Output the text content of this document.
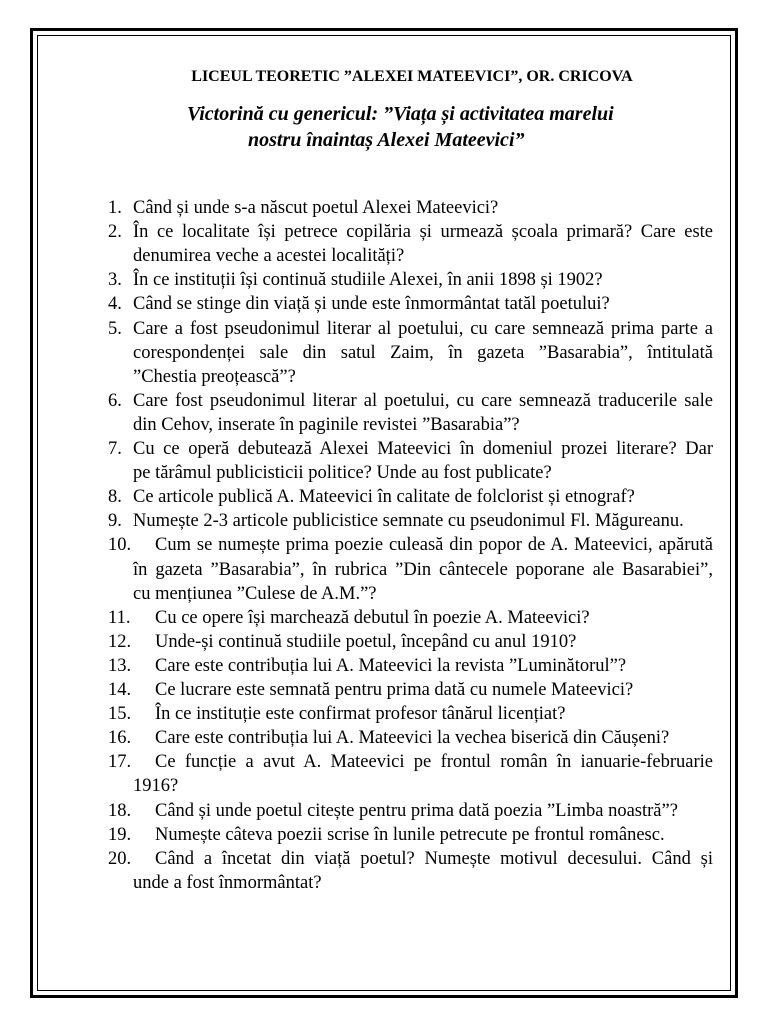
LICEUL TEORETIC ”ALEXEI MATEEVICI”, OR. CRICOVA
Victorină cu genericul: ”Viața și activitatea marelui
nostru înaintaș Alexei Mateevici”
1. Când și unde s-a născut poetul Alexei Mateevici?
2. În ce localitate își petrece copilăria și urmează școala primară? Care este
denumirea veche a acestei localități?
3. În ce instituții își continuă studiile Alexei, în anii 1898 și 1902?
4. Când se stinge din viață și unde este înmormântat tatăl poetului?
5. Care a fost pseudonimul literar al poetului, cu care semnează prima parte a
corespondenței sale din satul Zaim, în gazeta ”Basarabia”, întitulată
”Chestia preoțească”?
6. Care fost pseudonimul literar al poetului, cu care semnează traducerile sale
din Cehov, inserate în paginile revistei ”Basarabia”?
7. Cu ce operă debutează Alexei Mateevici în domeniul prozei literare? Dar
pe tărâmul publicisticii politice? Unde au fost publicate?
8. Ce articole publică A. Mateevici în calitate de folclorist și etnograf?
9. Numește 2-3 articole publicistice semnate cu pseudonimul Fl. Măgureanu.
10. Cum se numește prima poezie culeasă din popor de A. Mateevici, apărută
în gazeta ”Basarabia”, în rubrica ”Din cântecele poporane ale Basarabiei”,
cu mențiunea ”Culese de A.M.”?
11. Cu ce opere își marchează debutul în poezie A. Mateevici?
12. Unde-și continuă studiile poetul, începând cu anul 1910?
13. Care este contribuția lui A. Mateevici la revista ”Luminătorul”?
14. Ce lucrare este semnată pentru prima dată cu numele Mateevici?
15. În ce instituție este confirmat profesor tânărul licențiat?
16. Care este contribuția lui A. Mateevici la vechea biserică din Căușeni?
17. Ce funcție a avut A. Mateevici pe frontul român în ianuarie-februarie
1916?
18. Când și unde poetul citește pentru prima dată poezia ”Limba noastră”?
19. Numește câteva poezii scrise în lunile petrecute pe frontul românesc.
20. Când a încetat din viață poetul? Numește motivul decesului. Când și
unde a fost înmormântat?
